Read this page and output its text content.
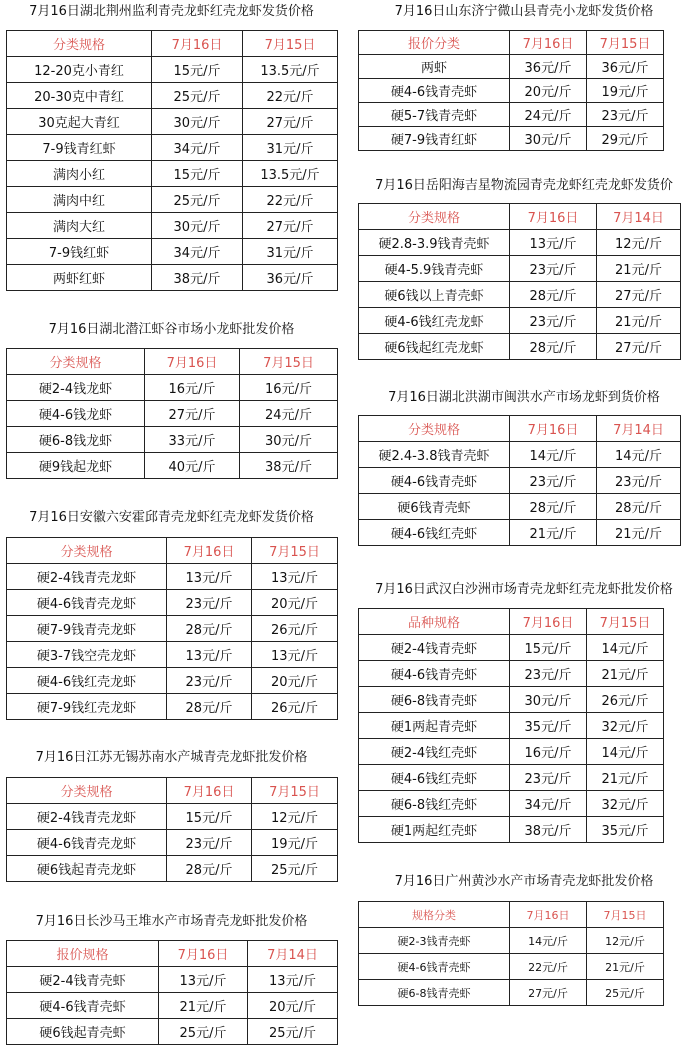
7月16日湖北荆州监利青壳龙虾红壳龙虾发货价格
分类规格	7月16日	7月15日
12-20克小青红	15元/斤	13.5元/斤
20-30克中青红	25元/斤	22元/斤
30克起大青红	30元/斤	27元/斤
7-9钱青红虾	34元/斤	31元/斤
满肉小红	15元/斤	13.5元/斤
满肉中红	25元/斤	22元/斤
满肉大红	30元/斤	27元/斤
7-9钱红虾	34元/斤	31元/斤
两虾红虾	38元/斤	36元/斤
7月16日湖北潜江虾谷市场小龙虾批发价格
分类规格	7月16日	7月15日
硬2-4钱龙虾	16元/斤	16元/斤
硬4-6钱龙虾	27元/斤	24元/斤
硬6-8钱龙虾	33元/斤	30元/斤
硬9钱起龙虾	40元/斤	38元/斤
7月16日安徽六安霍邱青壳龙虾红壳龙虾发货价格
分类规格	7月16日	7月15日
硬2-4钱青壳龙虾	13元/斤	13元/斤
硬4-6钱青壳龙虾	23元/斤	20元/斤
硬7-9钱青壳龙虾	28元/斤	26元/斤
硬3-7钱空壳龙虾	13元/斤	13元/斤
硬4-6钱红壳龙虾	23元/斤	20元/斤
硬7-9钱红壳龙虾	28元/斤	26元/斤
7月16日江苏无锡苏南水产城青壳龙虾批发价格
分类规格	7月16日	7月15日
硬2-4钱青壳龙虾	15元/斤	12元/斤
硬4-6钱青壳龙虾	23元/斤	19元/斤
硬6钱起青壳龙虾	28元/斤	25元/斤
7月16日长沙马王堆水产市场青壳龙虾批发价格
报价规格	7月16日	7月14日
硬2-4钱青壳虾	13元/斤	13元/斤
硬4-6钱青壳虾	21元/斤	20元/斤
硬6钱起青壳虾	25元/斤	25元/斤
7月16日山东济宁微山县青壳小龙虾发货价格
报价分类	7月16日	7月15日
两虾	36元/斤	36元/斤
硬4-6钱青壳虾	20元/斤	19元/斤
硬5-7钱青壳虾	24元/斤	23元/斤
硬7-9钱青红虾	30元/斤	29元/斤
7月16日岳阳海吉星物流园青壳龙虾红壳龙虾发货价
分类规格	7月16日	7月14日
硬2.8-3.9钱青壳虾	13元/斤	12元/斤
硬4-5.9钱青壳虾	23元/斤	21元/斤
硬6钱以上青壳虾	28元/斤	27元/斤
硬4-6钱红壳龙虾	23元/斤	21元/斤
硬6钱起红壳龙虾	28元/斤	27元/斤
7月16日湖北洪湖市闽洪水产市场龙虾到货价格
分类规格	7月16日	7月14日
硬2.4-3.8钱青壳虾	14元/斤	14元/斤
硬4-6钱青壳虾	23元/斤	23元/斤
硬6钱青壳虾	28元/斤	28元/斤
硬4-6钱红壳虾	21元/斤	21元/斤
7月16日武汉白沙洲市场青壳龙虾红壳龙虾批发价格
品种规格	7月16日	7月15日
硬2-4钱青壳虾	15元/斤	14元/斤
硬4-6钱青壳虾	23元/斤	21元/斤
硬6-8钱青壳虾	30元/斤	26元/斤
硬1两起青壳虾	35元/斤	32元/斤
硬2-4钱红壳虾	16元/斤	14元/斤
硬4-6钱红壳虾	23元/斤	21元/斤
硬6-8钱红壳虾	34元/斤	32元/斤
硬1两起红壳虾	38元/斤	35元/斤
7月16日广州黄沙水产市场青壳龙虾批发价格
规格分类	7月16日	7月15日
硬2-3钱青壳虾	14元/斤	12元/斤
硬4-6钱青壳虾	22元/斤	21元/斤
硬6-8钱青壳虾	27元/斤	25元/斤
